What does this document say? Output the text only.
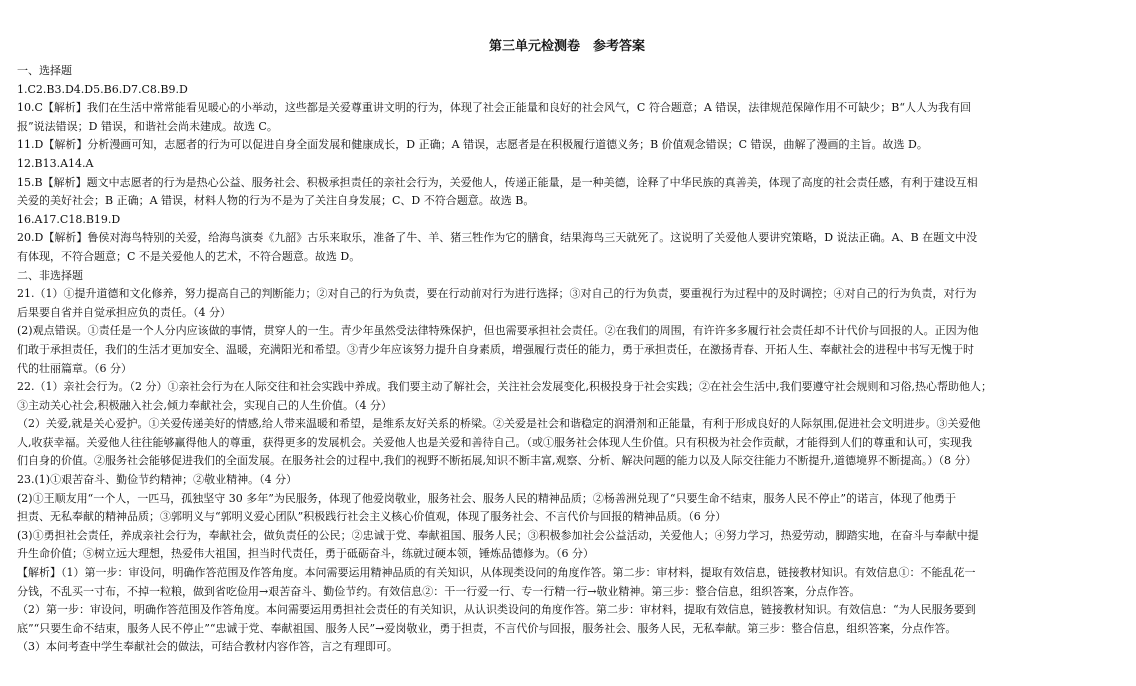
第三单元检测卷　参考答案

一、选择题

1.C2.B3.D4.D5.B6.D7.C8.B9.D

10.C【解析】我们在生活中常常能看见暖心的小举动，这些都是关爱尊重讲文明的行为，体现了社会正能量和良好的社会风气，C 符合题意；A 错误，法律规范保障作用不可缺少；B“人人为我有回

报”说法错误；D 错误，和谐社会尚未建成。故选 C。

11.D【解析】分析漫画可知，志愿者的行为可以促进自身全面发展和健康成长，D 正确；A 错误，志愿者是在积极履行道德义务；B 价值观念错误；C 错误，曲解了漫画的主旨。故选 D。

12.B13.A14.A

15.B【解析】题文中志愿者的行为是热心公益、服务社会、积极承担责任的亲社会行为，关爱他人，传递正能量，是一种美德，诠释了中华民族的真善美，体现了高度的社会责任感，有利于建设互相

关爱的美好社会；B 正确；A 错误，材料人物的行为不是为了关注自身发展；C、D 不符合题意。故选 B。

16.A17.C18.B19.D

20.D【解析】鲁侯对海鸟特别的关爱，给海鸟演奏《九韶》古乐来取乐，准备了牛、羊、猪三牲作为它的膳食，结果海鸟三天就死了。这说明了关爱他人要讲究策略，D 说法正确。A、B 在题文中没

有体现，不符合题意；C 不是关爱他人的艺术，不符合题意。故选 D。

二、非选择题

21.（1）①提升道德和文化修养，努力提高自己的判断能力；②对自己的行为负责，要在行动前对行为进行选择；③对自己的行为负责，要重视行为过程中的及时调控；④对自己的行为负责，对行为

后果要自省并自觉承担应负的责任。（4 分）

(2)观点错误。①责任是一个人分内应该做的事情，贯穿人的一生。青少年虽然受法律特殊保护，但也需要承担社会责任。②在我们的周围，有许许多多履行社会责任却不计代价与回报的人。正因为他

们敢于承担责任，我们的生活才更加安全、温暖，充满阳光和希望。③青少年应该努力提升自身素质，增强履行责任的能力，勇于承担责任，在激扬青春、开拓人生、奉献社会的进程中书写无愧于时

代的壮丽篇章。（6 分）

22.（1）亲社会行为。（2 分）①亲社会行为在人际交往和社会实践中养成。我们要主动了解社会，关注社会发展变化,积极投身于社会实践；②在社会生活中,我们要遵守社会规则和习俗,热心帮助他人；

③主动关心社会,积极融入社会,倾力奉献社会，实现自己的人生价值。（4 分）

（2）关爱,就是关心爱护。①关爱传递美好的情感,给人带来温暖和希望，是维系友好关系的桥梁。②关爱是社会和谐稳定的润滑剂和正能量，有利于形成良好的人际氛围,促进社会文明进步。③关爱他

人,收获幸福。关爱他人往往能够赢得他人的尊重，获得更多的发展机会。关爱他人也是关爱和善待自己。（或①服务社会体现人生价值。只有积极为社会作贡献，才能得到人们的尊重和认可，实现我

们自身的价值。②服务社会能够促进我们的全面发展。在服务社会的过程中,我们的视野不断拓展,知识不断丰富,观察、分析、解决问题的能力以及人际交往能力不断提升,道德境界不断提高。）（8 分）

23.(1)①艰苦奋斗、勤俭节约精神；②敬业精神。（4 分）

(2)①王顺友用“一个人，一匹马，孤独坚守 30 多年”为民服务，体现了他爱岗敬业，服务社会、服务人民的精神品质；②杨善洲兑现了“只要生命不结束，服务人民不停止”的诺言，体现了他勇于

担责、无私奉献的精神品质；③郭明义与“郭明义爱心团队”积极践行社会主义核心价值观，体现了服务社会、不言代价与回报的精神品质。（6 分）

(3)①勇担社会责任，养成亲社会行为，奉献社会，做负责任的公民；②忠诚于党、奉献祖国、服务人民；③积极参加社会公益活动，关爱他人；④努力学习，热爱劳动，脚踏实地，在奋斗与奉献中提

升生命价值；⑤树立远大理想，热爱伟大祖国，担当时代责任，勇于砥砺奋斗，练就过硬本领，锤炼品德修为。（6 分）

【解析】（1）第一步：审设问，明确作答范围及作答角度。本问需要运用精神品质的有关知识，从体现类设问的角度作答。第二步：审材料，提取有效信息，链接教材知识。有效信息①：不能乱花一

分钱，不乱买一寸布，不掉一粒粮，做到省吃俭用→艰苦奋斗、勤俭节约。有效信息②：干一行爱一行、专一行精一行→敬业精神。第三步：整合信息，组织答案，分点作答。

（2）第一步：审设问，明确作答范围及作答角度。本问需要运用勇担社会责任的有关知识，从认识类设问的角度作答。第二步：审材料，提取有效信息，链接教材知识。有效信息：“为人民服务要到

底”“只要生命不结束，服务人民不停止”“忠诚于党、奉献祖国、服务人民”→爱岗敬业，勇于担责，不言代价与回报，服务社会、服务人民，无私奉献。第三步：整合信息，组织答案，分点作答。

（3）本问考查中学生奉献社会的做法，可结合教材内容作答，言之有理即可。
